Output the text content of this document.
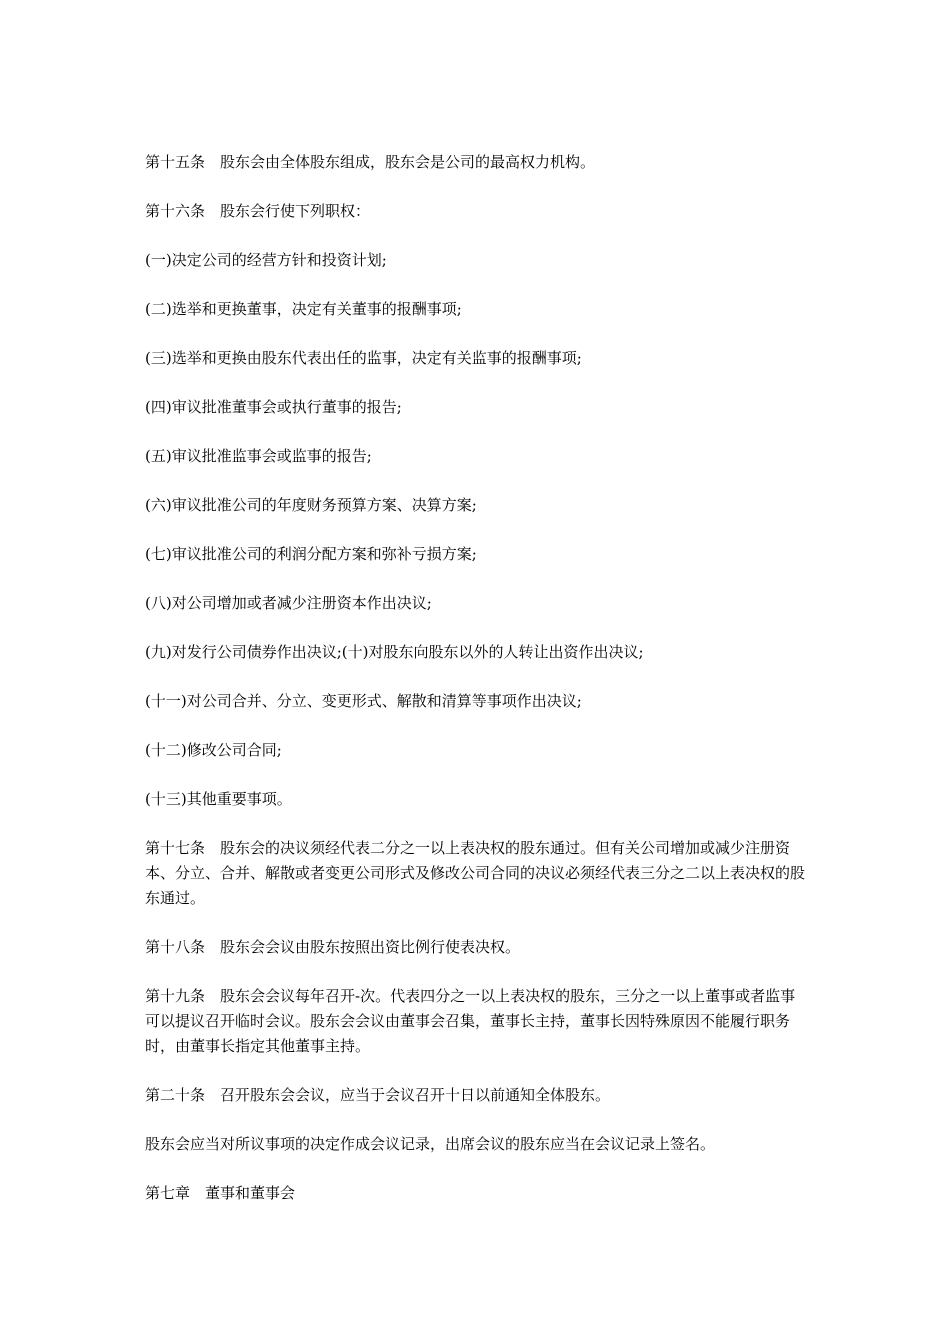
第十五条　股东会由全体股东组成，股东会是公司的最高权力机构。

第十六条　股东会行使下列职权：

(一)决定公司的经营方针和投资计划;

(二)选举和更换董事，决定有关董事的报酬事项;

(三)选举和更换由股东代表出任的监事，决定有关监事的报酬事项;

(四)审议批准董事会或执行董事的报告;

(五)审议批准监事会或监事的报告;

(六)审议批准公司的年度财务预算方案、决算方案;

(七)审议批准公司的利润分配方案和弥补亏损方案;

(八)对公司增加或者减少注册资本作出决议;

(九)对发行公司债券作出决议;(十)对股东向股东以外的人转让出资作出决议;

(十一)对公司合并、分立、变更形式、解散和清算等事项作出决议;

(十二)修改公司合同;

(十三)其他重要事项。

第十七条　股东会的决议须经代表二分之一以上表决权的股东通过。但有关公司增加或减少注册资本、分立、合并、解散或者变更公司形式及修改公司合同的决议必须经代表三分之二以上表决权的股东通过。

第十八条　股东会会议由股东按照出资比例行使表决权。

第十九条　股东会会议每年召开-次。代表四分之一以上表决权的股东，三分之一以上董事或者监事可以提议召开临时会议。股东会会议由董事会召集，董事长主持，董事长因特殊原因不能履行职务时，由董事长指定其他董事主持。

第二十条　召开股东会会议，应当于会议召开十日以前通知全体股东。

股东会应当对所议事项的决定作成会议记录，出席会议的股东应当在会议记录上签名。

第七章　董事和董事会
